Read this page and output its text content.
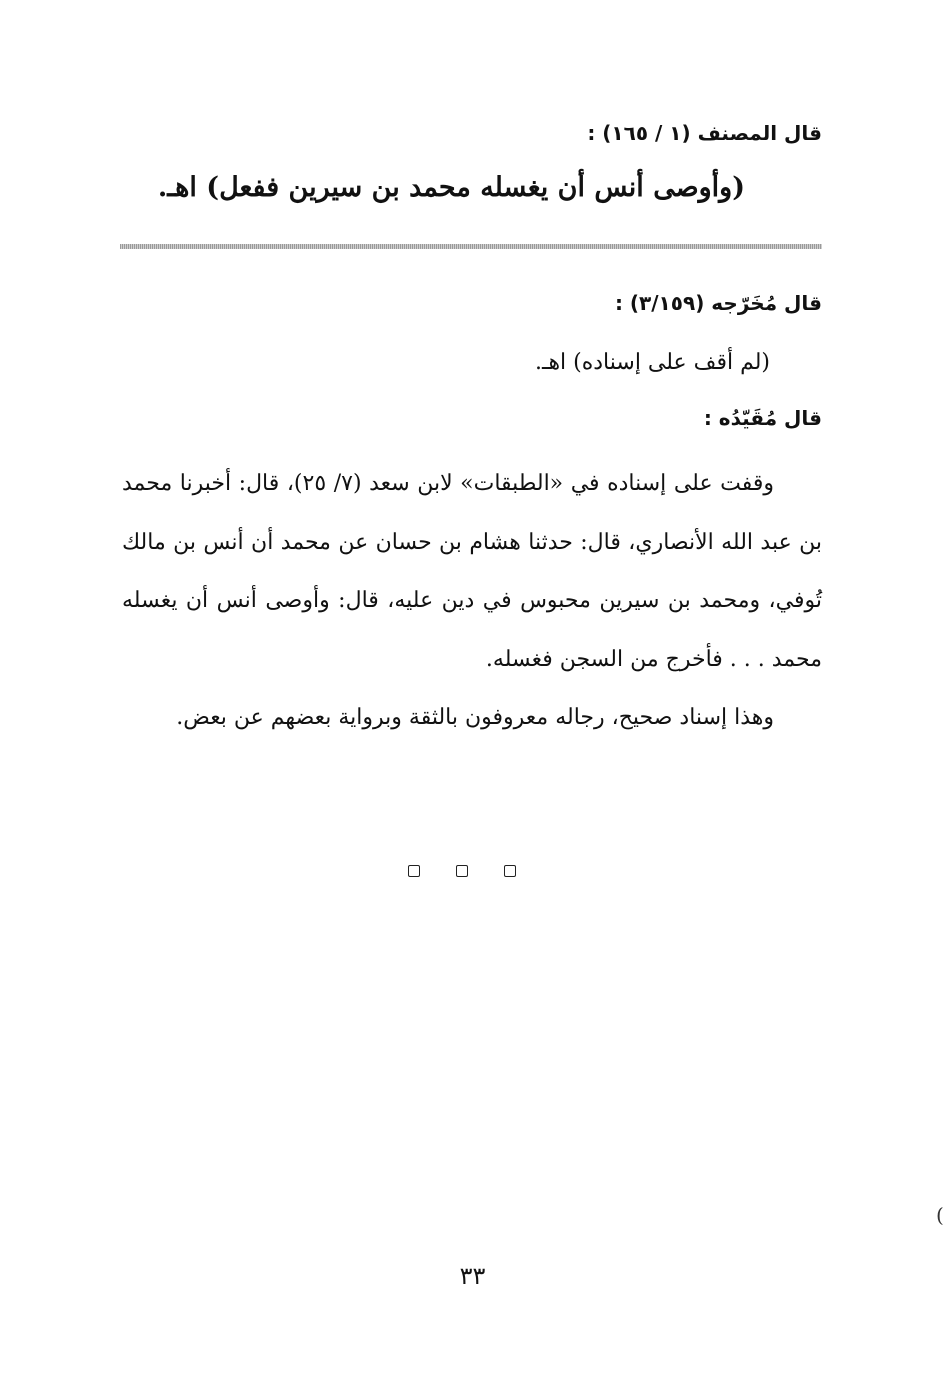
قال المصنف (١ / ١٦٥) :
(وأوصى أنس أن يغسله محمد بن سيرين ففعل) اهـ.
قال مُخَرّجه (٣/١٥٩) :
(لم أقف على إسناده) اهـ.
قال مُقَيّدُه :

وقفت على إسناده في «الطبقات» لابن سعد (٧/ ٢٥)، قال: أخبرنا محمد بن عبد الله الأنصاري، قال: حدثنا هشام بن حسان عن محمد أن أنس بن مالك تُوفي، ومحمد بن سيرين محبوس في دين عليه، قال: وأوصى أنس أن يغسله محمد . . . فأخرج من السجن فغسله.

وهذا إسناد صحيح، رجاله معروفون بالثقة وبرواية بعضهم عن بعض.

(
٣٣
